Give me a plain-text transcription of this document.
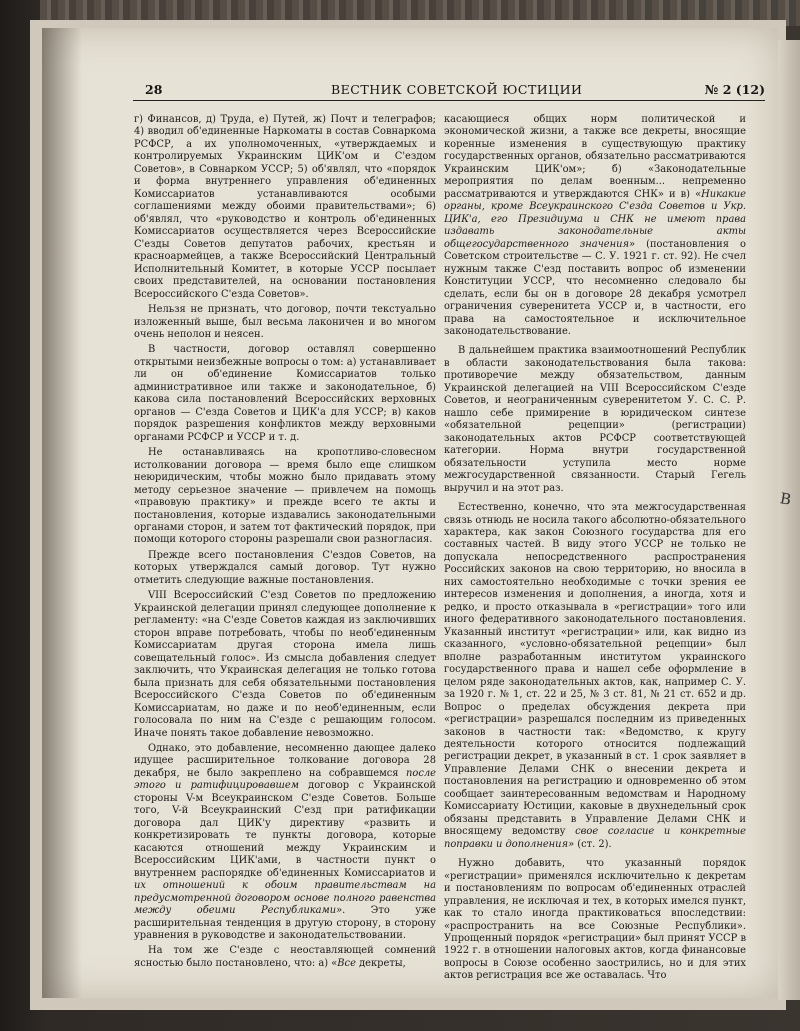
В
28	ВЕСТНИК СОВЕТСКОЙ ЮСТИЦИИ	№ 2 (12)

г) Финансов, д) Труда, е) Путей, ж) Почт и телеграфов; 4) вводил об'единенные Наркоматы в состав Совнаркома РСФСР, а их уполномоченных, «утверждаемых и контролируемых Украинским ЦИК'ом и С'ездом Советов», в Совнарком УССР; 5) об'являл, что «порядок и форма внутреннего управления об'единенных Комиссариатов устанавливаются особыми соглашениями между обоими правительствами»; 6) об'являл, что «руководство и контроль об'единенных Комиссариатов осуществляется через Всероссийские С'езды Советов депутатов рабочих, крестьян и красноармейцев, а также Всероссийский Центральный Исполнительный Комитет, в которые УССР посылает своих представителей, на основании постановления Всероссийского С'езда Советов».

Нельзя не признать, что договор, почти текстуально изложенный выше, был весьма лаконичен и во многом очень неполон и неясен.

В частности, договор оставлял совершенно открытыми неизбежные вопросы о том: а) устанавливает ли он об'единение Комиссариатов только административное или также и законодательное, б) какова сила постановлений Всероссийских верховных органов — С'езда Советов и ЦИК'а для УССР; в) каков порядок разрешения конфликтов между верховными органами РСФСР и УССР и т. д.

Не останавливаясь на кропотливо-словесном истолковании договора — время было еще слишком неюридическим, чтобы можно было придавать этому методу серьезное значение — привлечем на помощь «правовую практику» и прежде всего те акты и постановления, которые издавались законодательными органами сторон, и затем тот фактический порядок, при помощи которого стороны разрешали свои разногласия.

Прежде всего постановления С'ездов Советов, на которых утверждался самый договор. Тут нужно отметить следующие важные постановления.

VIII Всероссийский С'езд Советов по предложению Украинской делегации принял следующее дополнение к регламенту: «на С'езде Советов каждая из заключивших сторон вправе потребовать, чтобы по необ'единенным Комиссариатам другая сторона имела лишь совещательный голос». Из смысла добавления следует заключить, что Украинская делегация не только готова была признать для себя обязательными постановления Всероссийского С'езда Советов по об'единенным Комиссариатам, но даже и по необ'единенным, если голосовала по ним на С'езде с решающим голосом. Иначе понять такое добавление невозможно.

Однако, это добавление, несомненно дающее далеко идущее расширительное толкование договора 28 декабря, не было закреплено на собравшемся после этого и ратифицировавшем договор с Украинской стороны V-м Всеукраинском С'езде Советов. Больше того, V-й Всеукраинский С'езд при ратификации договора дал ЦИК'у директиву «развить и конкретизировать те пункты договора, которые касаются отношений между Украинским и Всероссийским ЦИК'ами, в частности пункт о внутреннем распорядке об'единенных Комиссариатов и их отношений к обоим правительствам на предусмотренной договором основе полного равенства между обеими Республиками».	Это уже расширительная тенденция в другую сторону, в сторону уравнения в руководстве и законодательствовании.

На том же С'езде с неоставляющей сомнений ясностью было постановлено, что: а) «Все декреты,

касающиеся общих норм политической и экономической жизни, а также все декреты, вносящие коренные изменения в существующую практику государственных органов, обязательно рассматриваются Украинским ЦИК'ом»; б) «Законодательные мероприятия по делам военным... непременно рассматриваются и утверждаются СНК» и в) «Никакие органы, кроме Всеукраинского С'езда Советов и Укр. ЦИК'а, его Президиума и СНК не имеют права издавать законодательные акты общегосударственного значения» (постановления о Советском строительстве — С. У. 1921 г. ст. 92). Не счел нужным также С'езд поставить вопрос об изменении Конституции УССР, что несомненно следовало бы сделать, если бы он в договоре 28 декабря усмотрел ограничения суверенитета УССР и, в частности, его права на самостоятельное и исключительное законодательствование.

В дальнейшем практика взаимоотношений Республик в области законодательствования была такова: противоречие между обязательством, данным Украинской делегацией на VIII Всероссийском С'езде Советов, и неограниченным суверенитетом У. С. С. Р. нашло себе примирение в юридическом синтезе «обязательной рецепции» (регистрации) законодательных актов РСФСР соответствующей категории. Норма внутри государственной обязательности уступила место норме межгосударственной связанности. Старый Гегель выручил и на этот раз.

Естественно, конечно, что эта межгосударственная связь отнюдь не носила такого абсолютно-обязательного характера, как закон Союзного государства для его составных частей. В виду этого УССР не только не допускала непосредственного распространения Российских законов на свою территорию, но вносила в них самостоятельно необходимые с точки зрения ее интересов изменения и дополнения, а иногда, хотя и редко, и просто отказывала в «регистрации» того или иного федеративного законодательного постановления. Указанный институт «регистрации» или, как видно из сказанного, «условно-обязательной рецепции» был вполне разработанным институтом украинского государственного права и нашел себе оформление в целом ряде законодательных актов, как, например С. У. за 1920 г. № 1, ст. 22 и 25, № 3 ст. 81, № 21 ст. 652 и др. Вопрос о пределах обсуждения декрета при «регистрации» разрешался последним из приведенных законов в частности так: «Ведомство, к кругу деятельности которого относится подлежащий регистрации декрет, в указанный в ст. 1 срок заявляет в Управление Делами СНК о внесении декрета и постановления на регистрацию и одновременно об этом сообщает заинтересованным ведомствам и Народному Комиссариату Юстиции, каковые в двухнедельный срок обязаны представить в Управление Делами СНК и вносящему ведомству свое согласие и конкретные поправки и дополнения» (ст. 2).

Нужно добавить, что указанный порядок «регистрации» применялся исключительно к декретам и постановлениям по вопросам об'единенных отраслей управления, не исключая и тех, в которых имелся пункт, как то стало иногда практиковаться впоследствии: «распространить на все Союзные Республики». Упрощенный порядок «регистрации» был принят УССР в 1922 г. в отношении налоговых актов, когда финансовые вопросы в Союзе особенно заострились, но и для этих актов регистрация все же оставалась. Что
